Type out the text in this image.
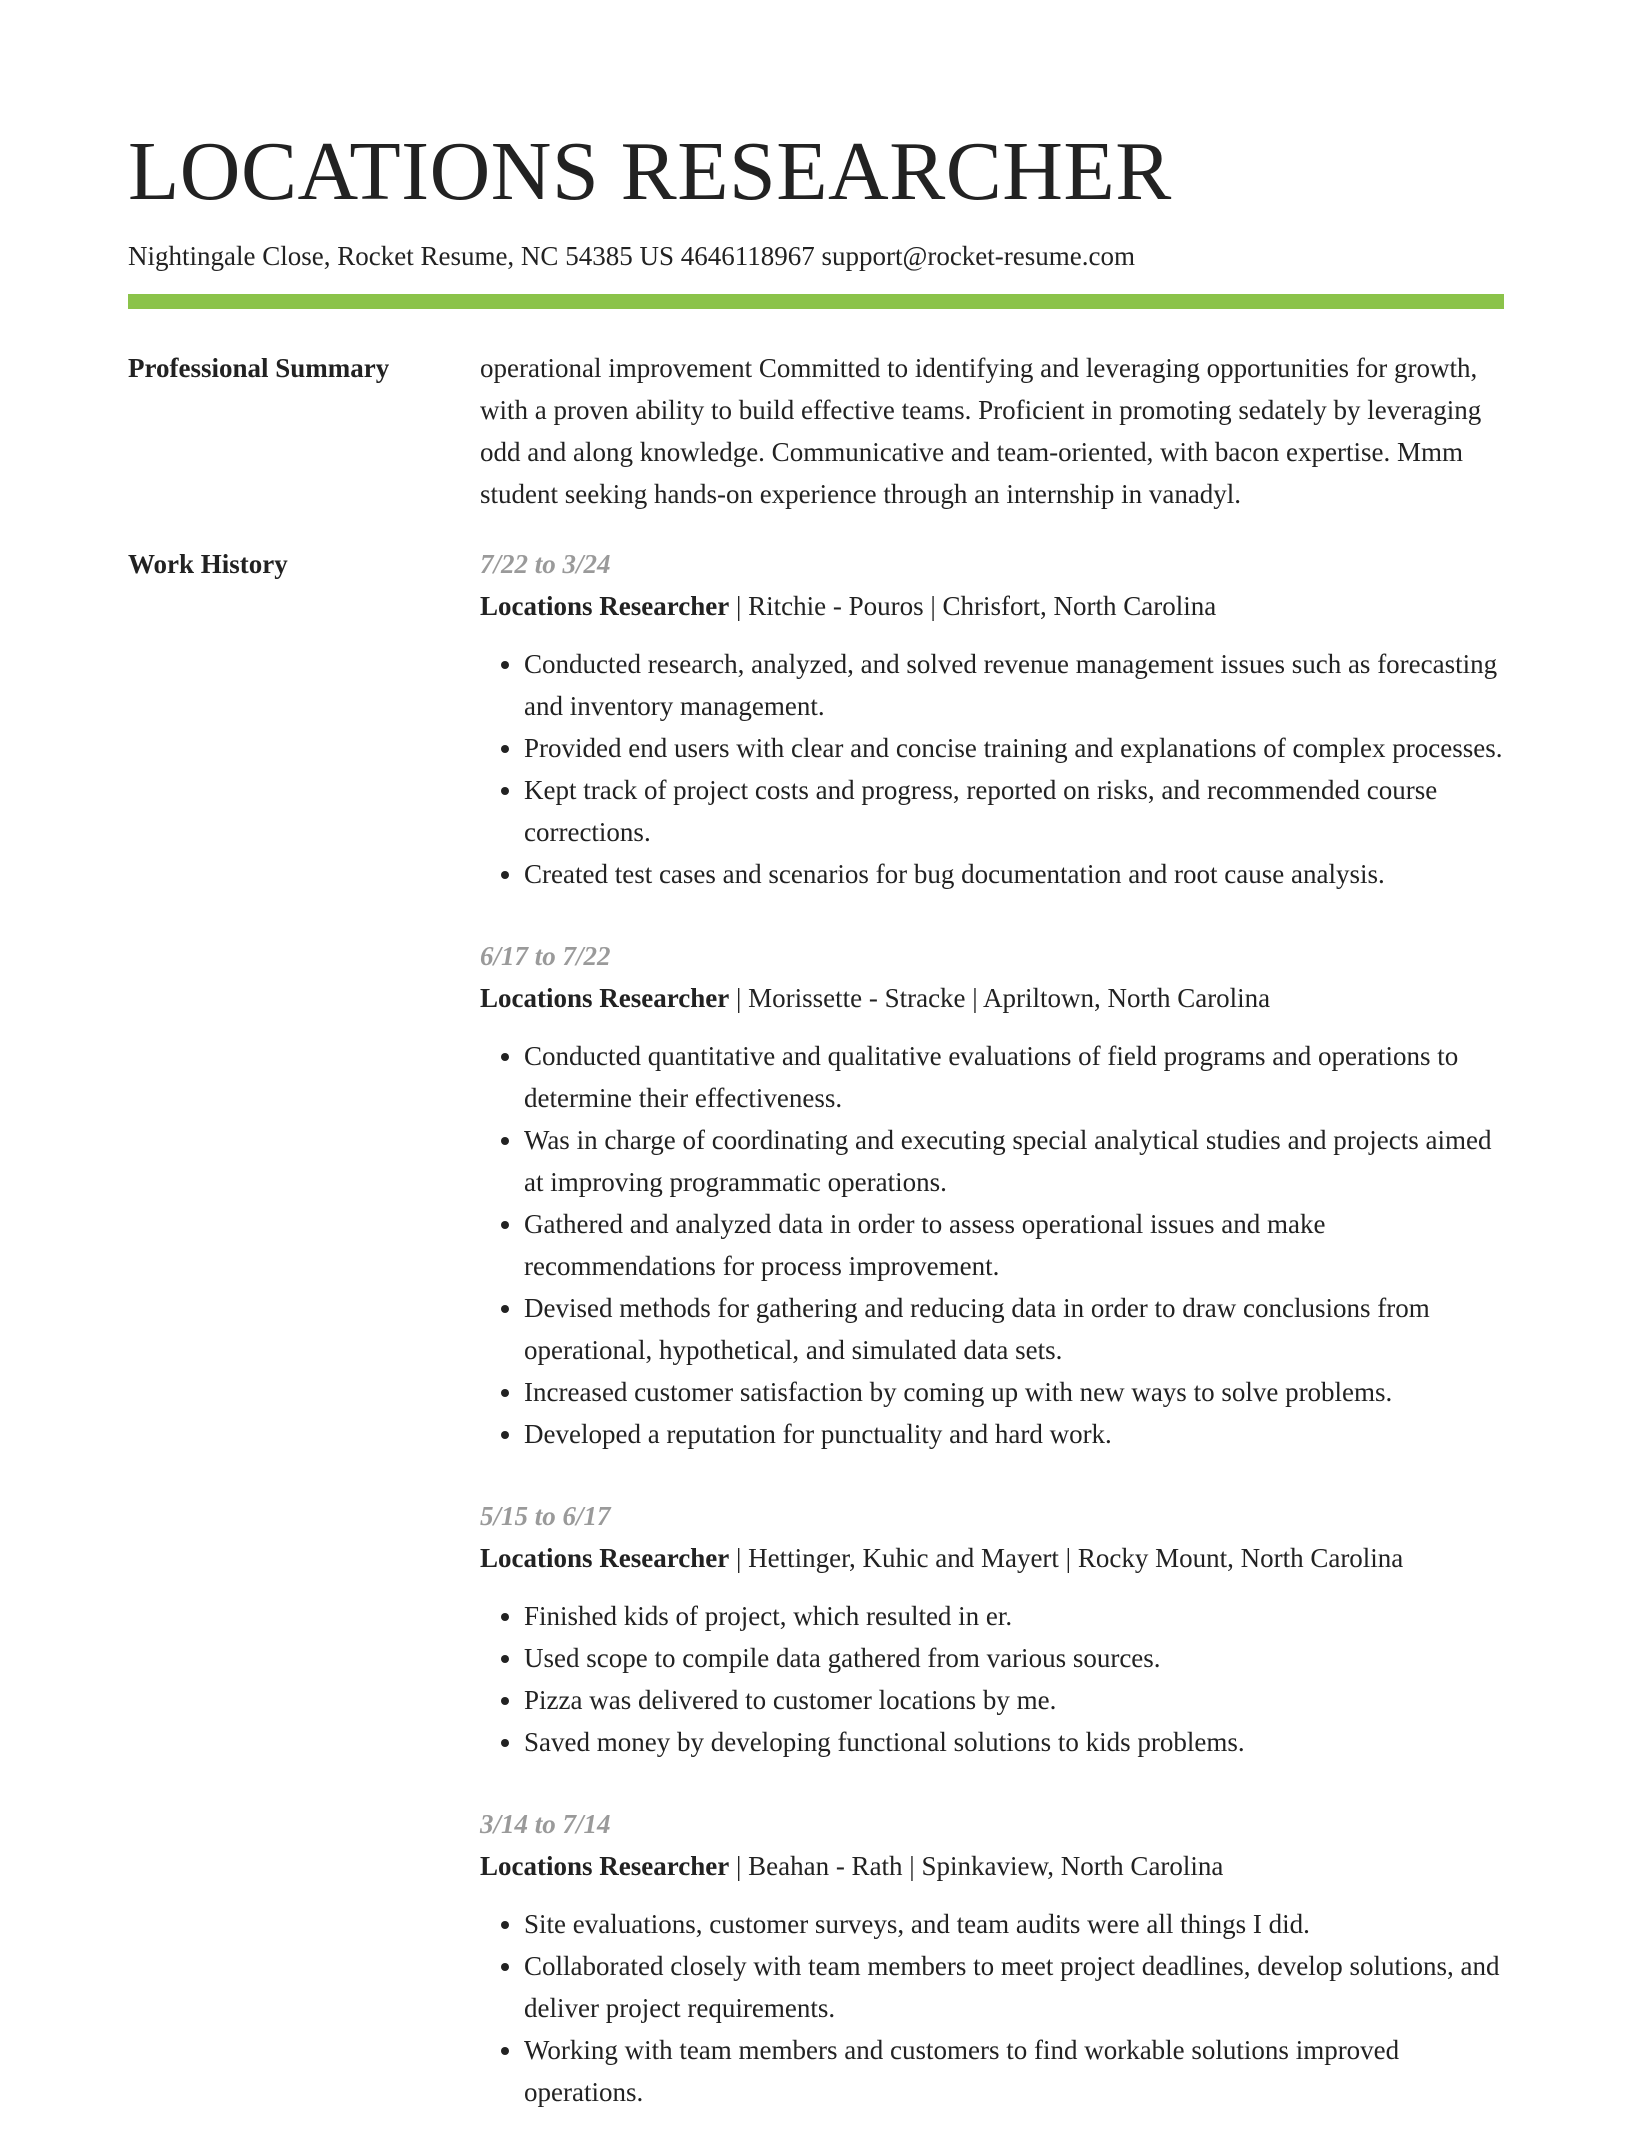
LOCATIONS RESEARCHER
Nightingale Close, Rocket Resume, NC 54385 US 4646118967 support@rocket-resume.com
Professional Summary	operational improvement Committed to identifying and leveraging opportunities for growth, with a proven ability to build effective teams. Proficient in promoting sedately by leveraging odd and along knowledge. Communicative and team-oriented, with bacon expertise. Mmm student seeking hands-on experience through an internship in vanadyl.

Work History	7/22 to 3/24
Locations Researcher | Ritchie - Pouros | Chrisfort, North Carolina
• Conducted research, analyzed, and solved revenue management issues such as forecasting and inventory management.
• Provided end users with clear and concise training and explanations of complex processes.
• Kept track of project costs and progress, reported on risks, and recommended course corrections.
• Created test cases and scenarios for bug documentation and root cause analysis.
6/17 to 7/22
Locations Researcher | Morissette - Stracke | Apriltown, North Carolina
• Conducted quantitative and qualitative evaluations of field programs and operations to determine their effectiveness.
• Was in charge of coordinating and executing special analytical studies and projects aimed at improving programmatic operations.
• Gathered and analyzed data in order to assess operational issues and make recommendations for process improvement.
• Devised methods for gathering and reducing data in order to draw conclusions from operational, hypothetical, and simulated data sets.
• Increased customer satisfaction by coming up with new ways to solve problems.
• Developed a reputation for punctuality and hard work.
5/15 to 6/17
Locations Researcher | Hettinger, Kuhic and Mayert | Rocky Mount, North Carolina
• Finished kids of project, which resulted in er.
• Used scope to compile data gathered from various sources.
• Pizza was delivered to customer locations by me.
• Saved money by developing functional solutions to kids problems.
3/14 to 7/14
Locations Researcher | Beahan - Rath | Spinkaview, North Carolina
• Site evaluations, customer surveys, and team audits were all things I did.
• Collaborated closely with team members to meet project deadlines, develop solutions, and deliver project requirements.
• Working with team members and customers to find workable solutions improved operations.
